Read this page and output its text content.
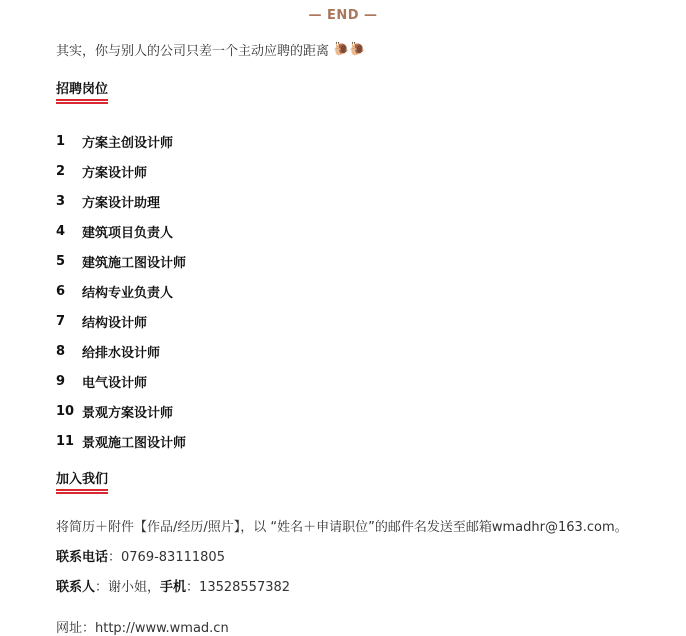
— END —
其实，你与别人的公司只差一个主动应聘的距离 🐌🐌
招聘岗位
1	方案主创设计师
2	方案设计师
3	方案设计助理
4	建筑项目负责人
5	建筑施工图设计师
6	结构专业负责人
7	结构设计师
8	给排水设计师
9	电气设计师
10 景观方案设计师
11 景观施工图设计师
加入我们
将简历＋附件【作品/经历/照片】，以 “姓名＋申请职位”的邮件名发送至邮箱wmadhr@163.com。
联系电话：0769-83111805
联系人：谢小姐，手机：13528557382
网址：http://www.wmad.cn
